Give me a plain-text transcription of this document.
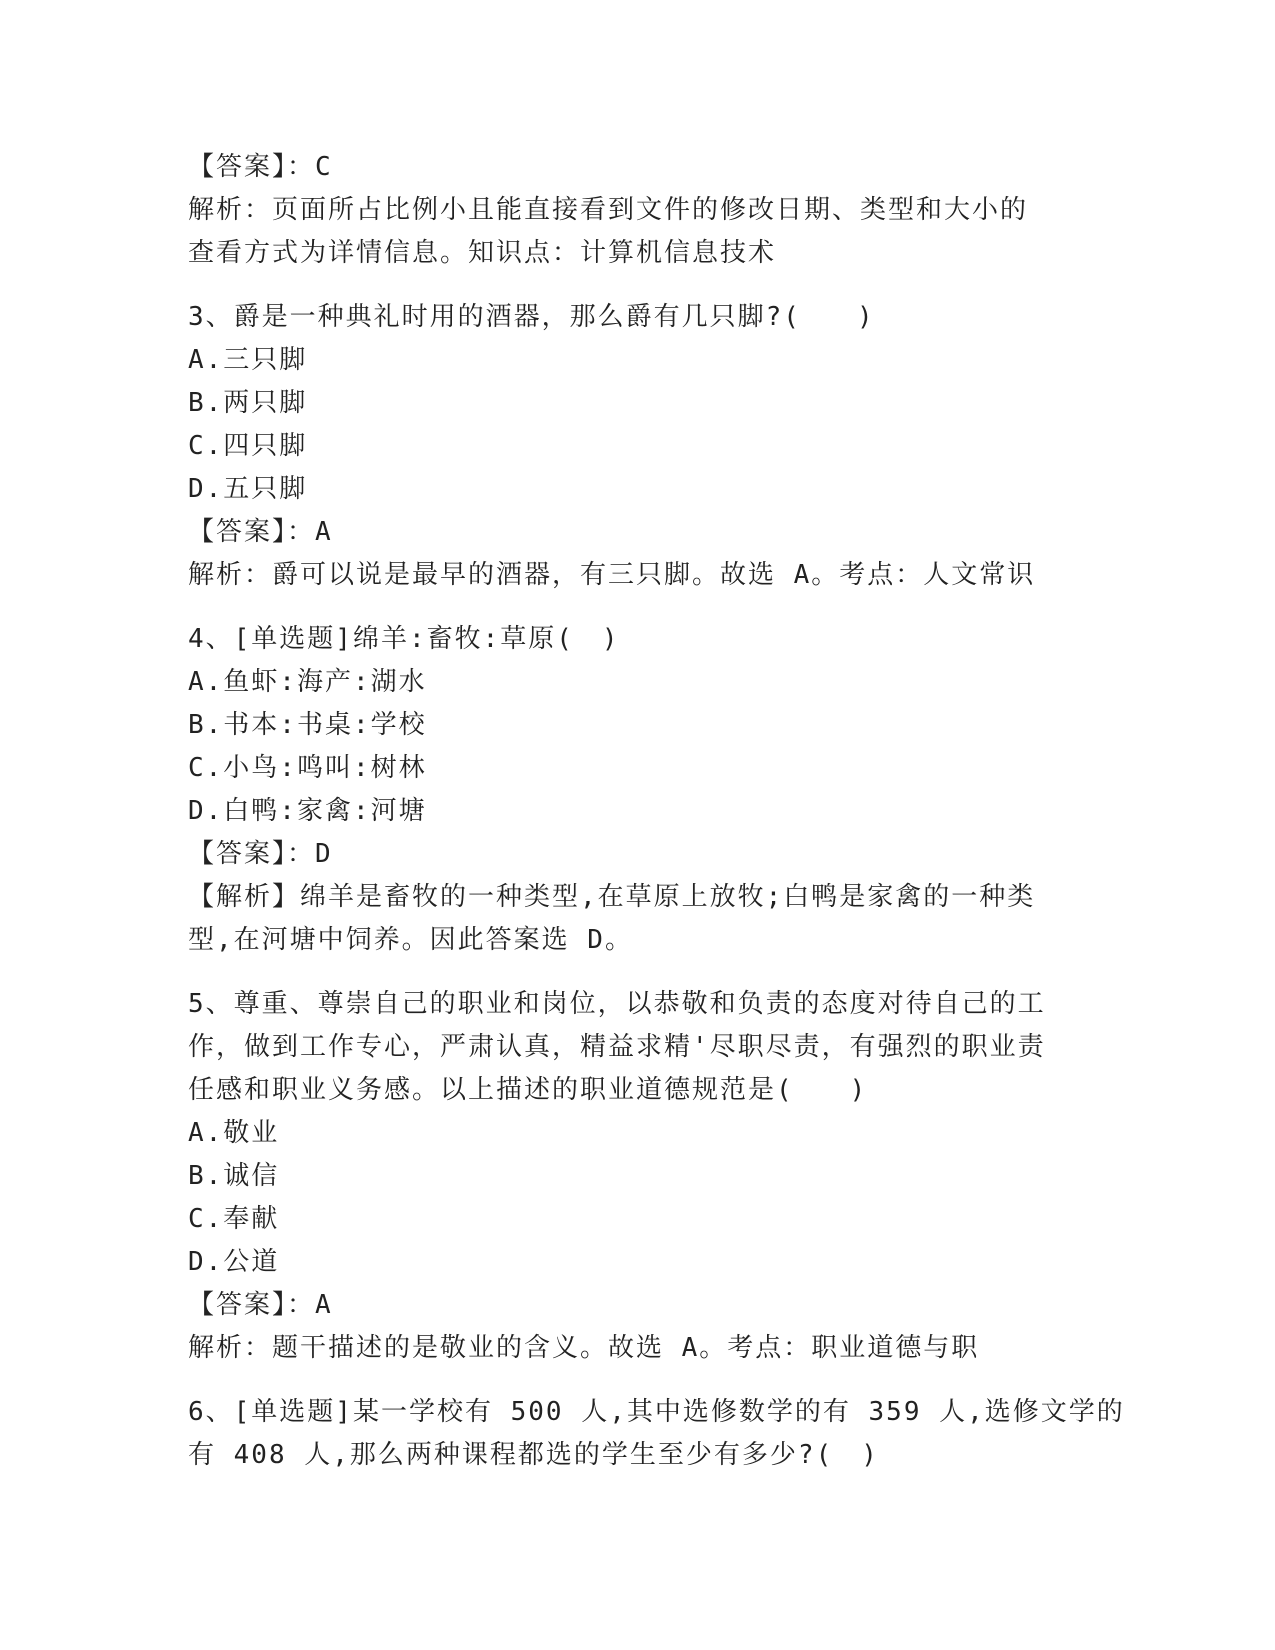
【答案】：C
解析：页面所占比例小且能直接看到文件的修改日期、类型和大小的
查看方式为详情信息。知识点：计算机信息技术
3、爵是一种典礼时用的酒器，那么爵有几只脚?(　　)
A.三只脚
B.两只脚
C.四只脚
D.五只脚
【答案】：A
解析：爵可以说是最早的酒器，有三只脚。故选 A。考点：人文常识
4、[单选题]绵羊:畜牧:草原(　)
A.鱼虾:海产:湖水
B.书本:书桌:学校
C.小鸟:鸣叫:树林
D.白鸭:家禽:河塘
【答案】：D
【解析】绵羊是畜牧的一种类型,在草原上放牧;白鸭是家禽的一种类
型,在河塘中饲养。因此答案选 D。
5、尊重、尊崇自己的职业和岗位，以恭敬和负责的态度对待自己的工
作，做到工作专心，严肃认真，精益求精'尽职尽责，有强烈的职业责
任感和职业义务感。以上描述的职业道德规范是(　　)
A.敬业
B.诚信
C.奉献
D.公道
【答案】：A
解析：题干描述的是敬业的含义。故选 A。考点：职业道德与职
6、[单选题]某一学校有 500 人,其中选修数学的有 359 人,选修文学的
有 408 人,那么两种课程都选的学生至少有多少?(　)
